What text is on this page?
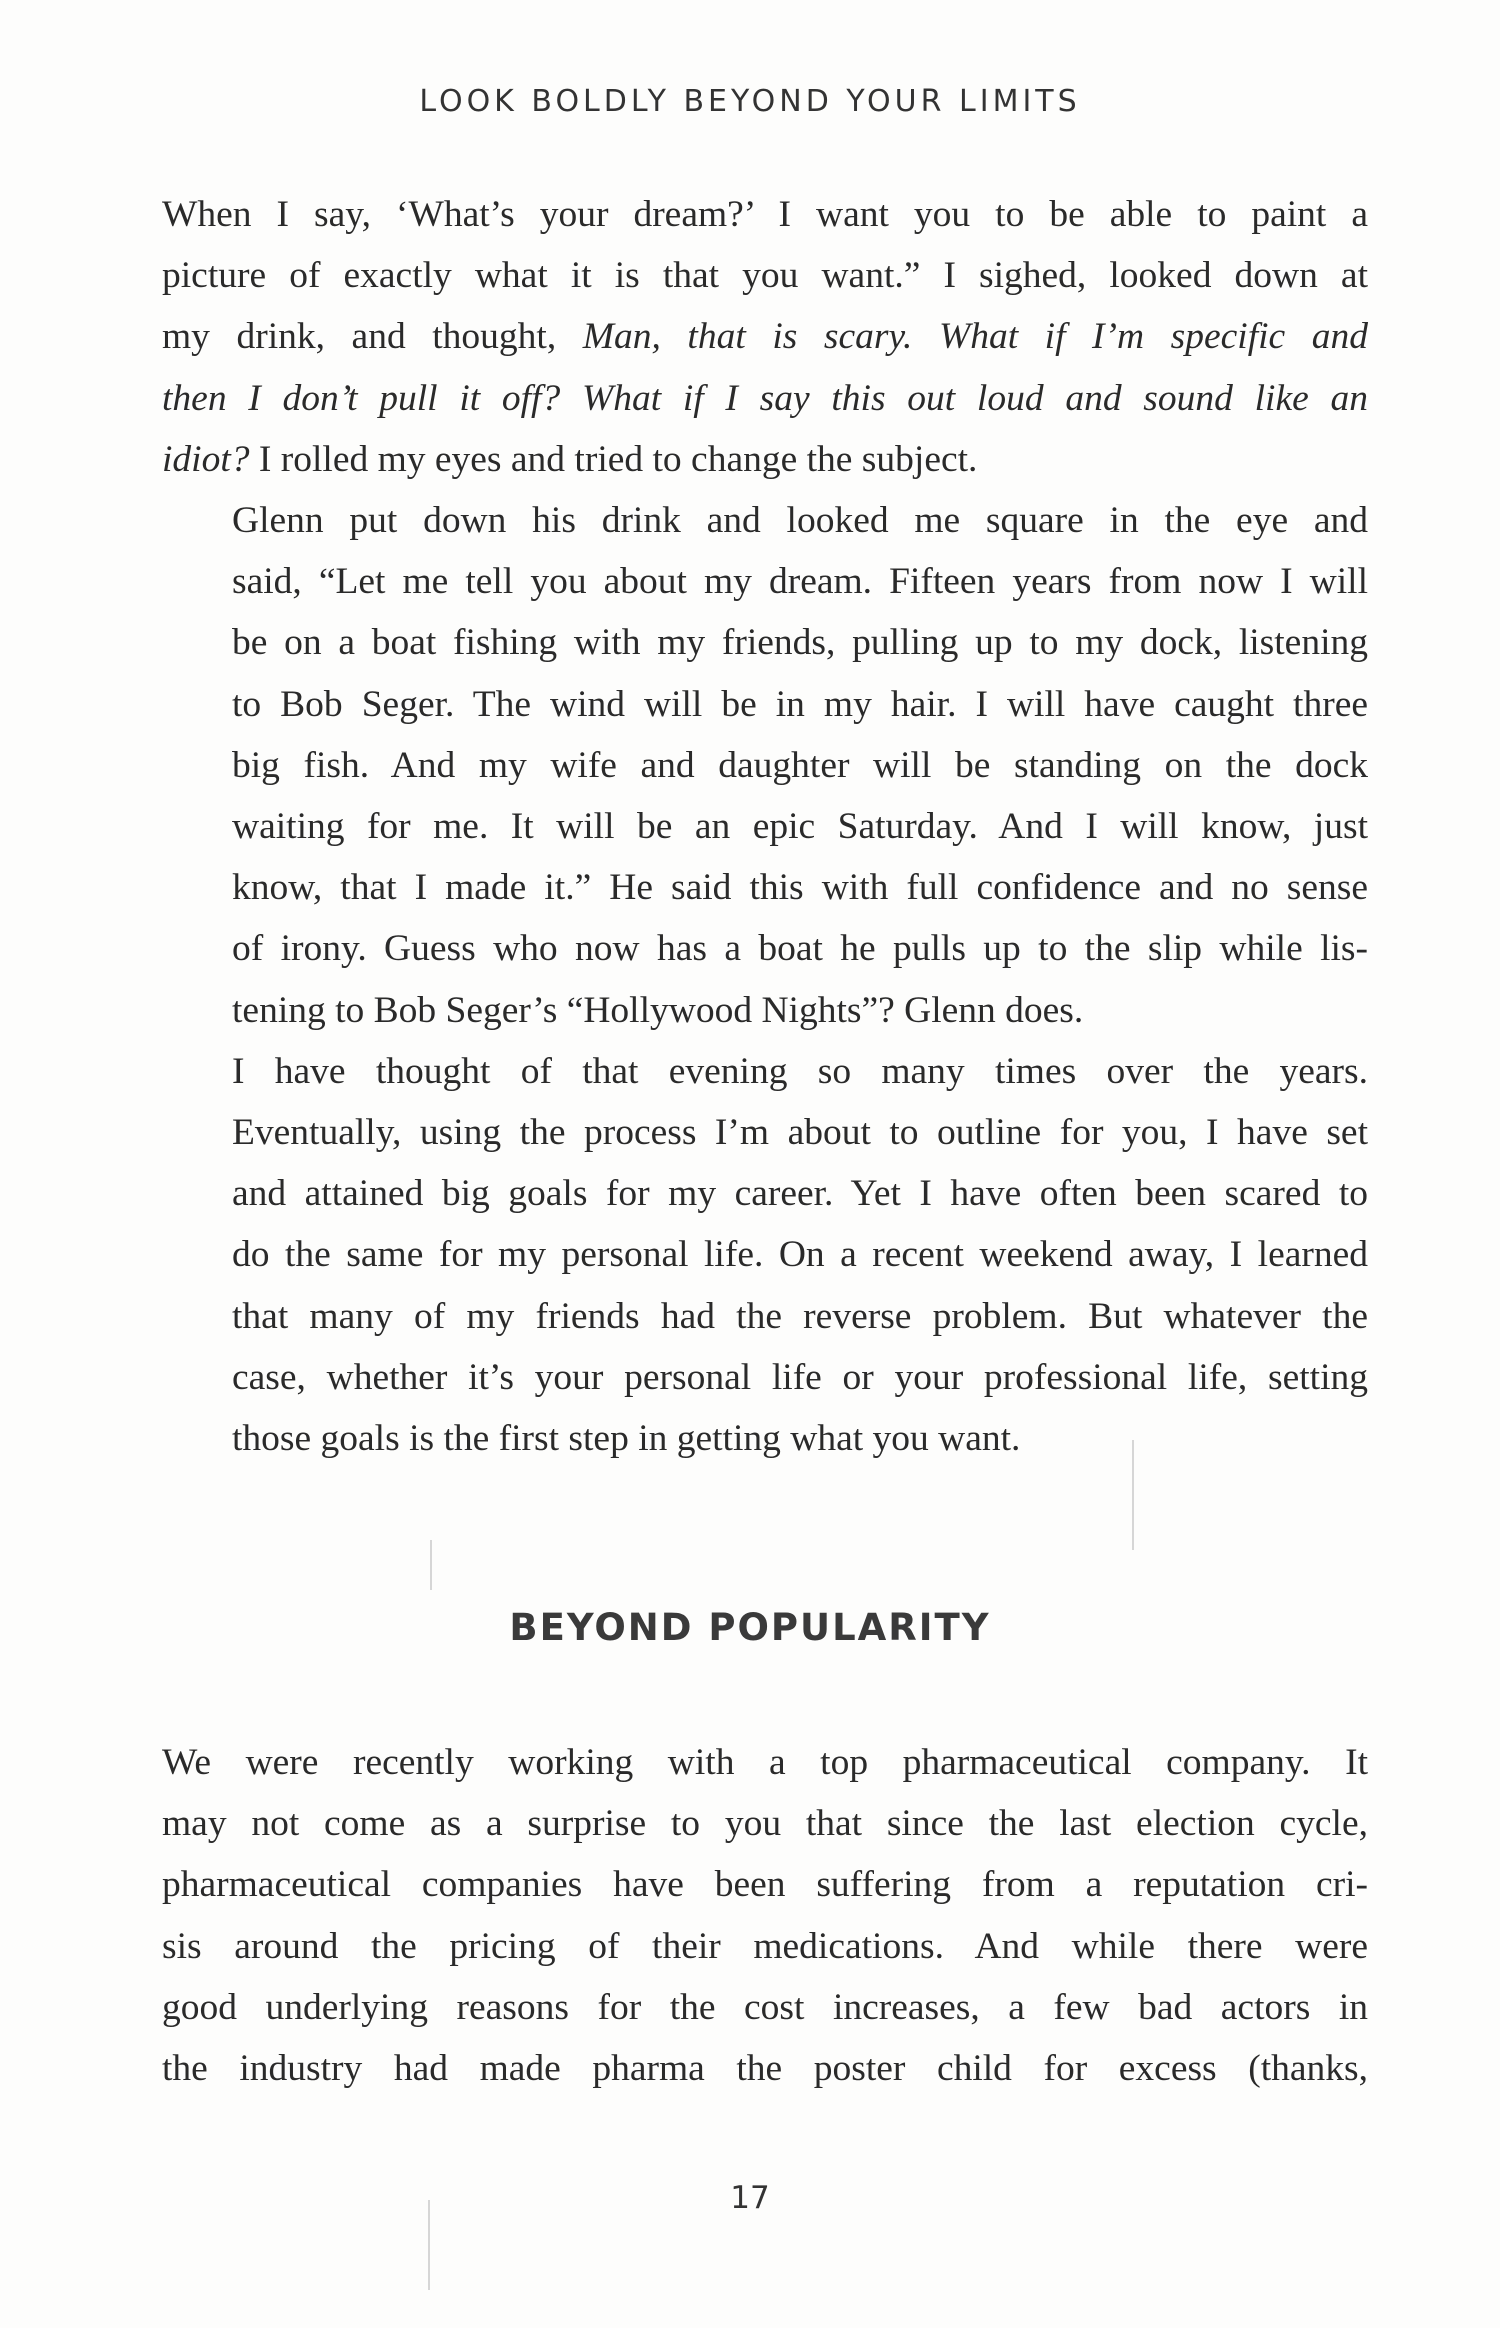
LOOK BOLDLY BEYOND YOUR LIMITS

When I say, ‘What’s your dream?’ I want you to be able to paint a
picture of exactly what it is that you want.” I sighed, looked down at
my drink, and thought, Man, that is scary. What if I’m specific and
then I don’t pull it off? What if I say this out loud and sound like an
idiot? I rolled my eyes and tried to change the subject.

Glenn put down his drink and looked me square in the eye and
said, “Let me tell you about my dream. Fifteen years from now I will
be on a boat fishing with my friends, pulling up to my dock, listening
to Bob Seger. The wind will be in my hair. I will have caught three
big fish. And my wife and daughter will be standing on the dock
waiting for me. It will be an epic Saturday. And I will know, just
know, that I made it.” He said this with full confidence and no sense
of irony. Guess who now has a boat he pulls up to the slip while lis-
tening to Bob Seger’s “Hollywood Nights”? Glenn does.

I have thought of that evening so many times over the years.
Eventually, using the process I’m about to outline for you, I have set
and attained big goals for my career. Yet I have often been scared to
do the same for my personal life. On a recent weekend away, I learned
that many of my friends had the reverse problem. But whatever the
case, whether it’s your personal life or your professional life, setting
those goals is the first step in getting what you want.

BEYOND POPULARITY

We were recently working with a top pharmaceutical company. It
may not come as a surprise to you that since the last election cycle,
pharmaceutical companies have been suffering from a reputation cri-
sis around the pricing of their medications. And while there were
good underlying reasons for the cost increases, a few bad actors in
the industry had made pharma the poster child for excess (thanks,

17
